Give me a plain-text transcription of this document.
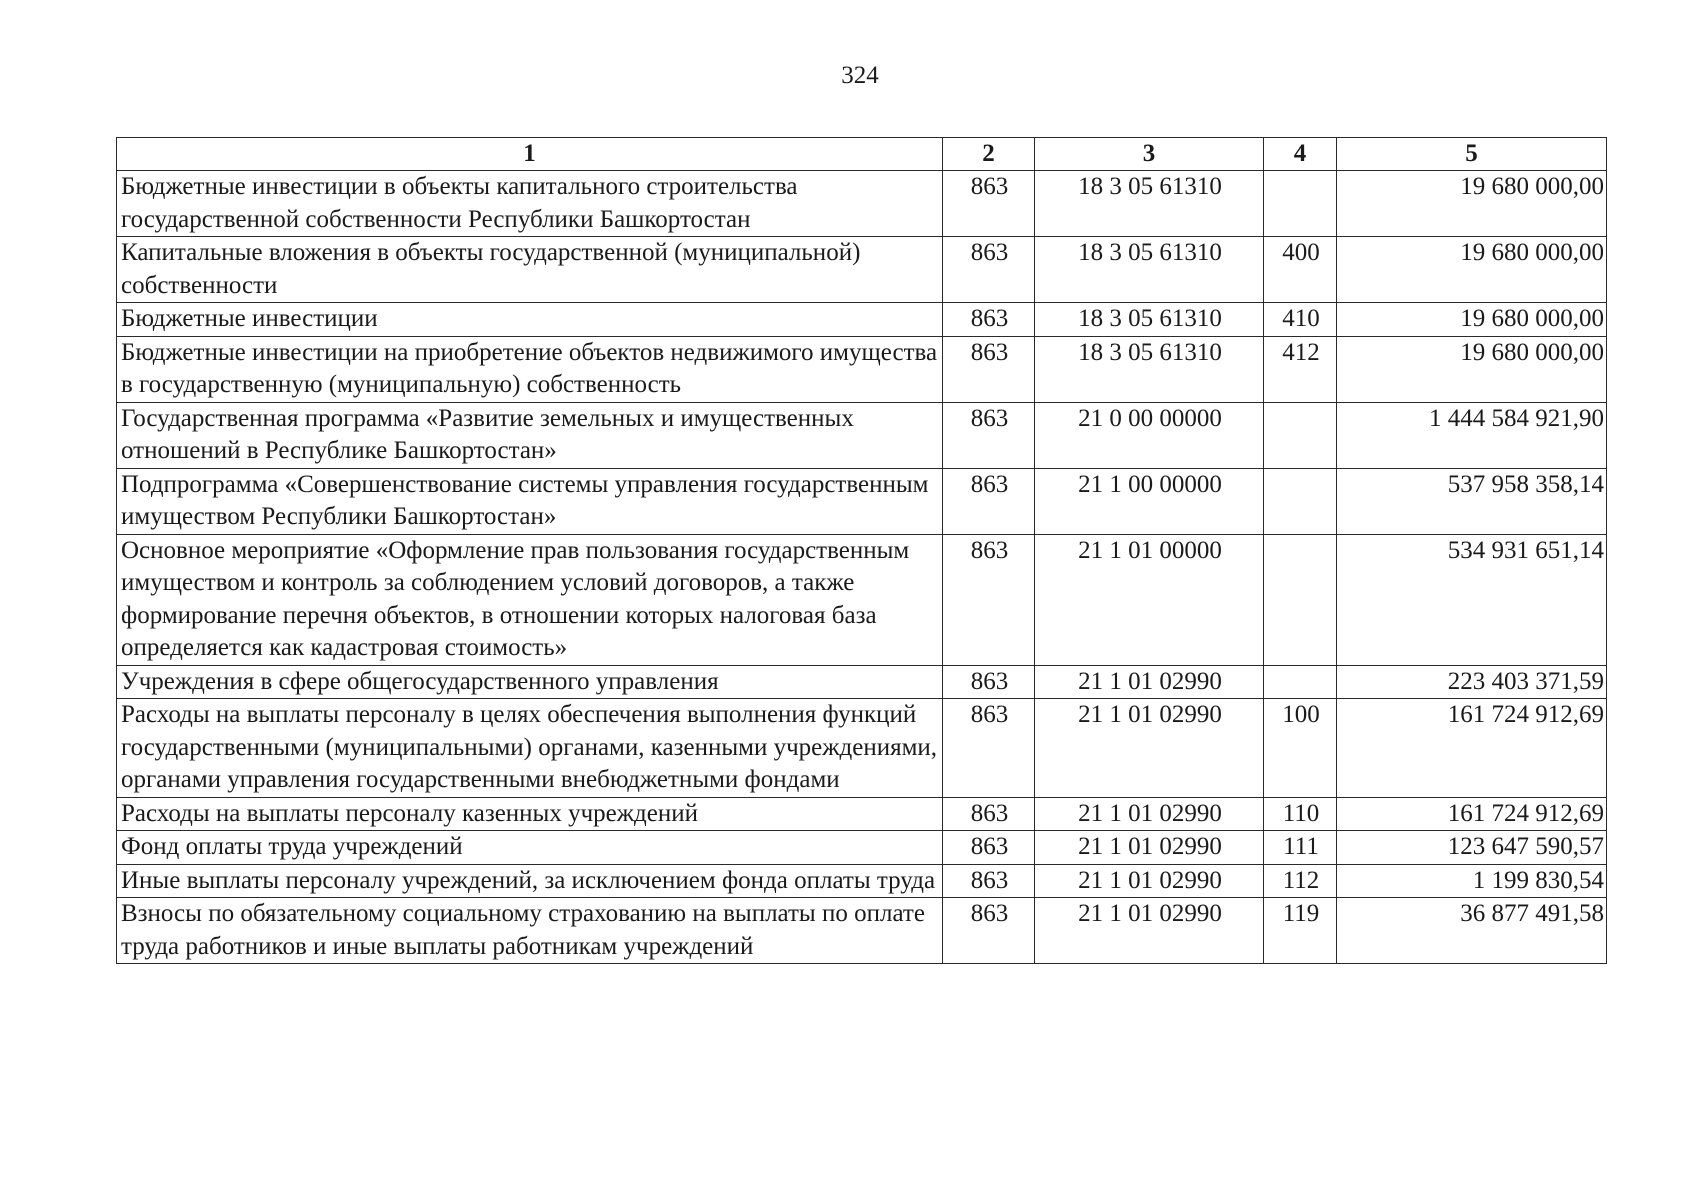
324
1	2	3	4	5
Бюджетные инвестиции в объекты капитального строительства государственной собственности Республики Башкортостан	863	18 3 05 61310		19 680 000,00
Капитальные вложения в объекты государственной (муниципальной) собственности	863	18 3 05 61310	400	19 680 000,00
Бюджетные инвестиции	863	18 3 05 61310	410	19 680 000,00
Бюджетные инвестиции на приобретение объектов недвижимого имущества в государственную (муниципальную) собственность	863	18 3 05 61310	412	19 680 000,00
Государственная программа «Развитие земельных и имущественных отношений в Республике Башкортостан»	863	21 0 00 00000		1 444 584 921,90
Подпрограмма «Совершенствование системы управления государственным имуществом Республики Башкортостан»	863	21 1 00 00000		537 958 358,14
Основное мероприятие «Оформление прав пользования государственным имуществом и контроль за соблюдением условий договоров, а также формирование перечня объектов, в отношении которых налоговая база определяется как кадастровая стоимость»	863	21 1 01 00000		534 931 651,14
Учреждения в сфере общегосударственного управления	863	21 1 01 02990		223 403 371,59
Расходы на выплаты персоналу в целях обеспечения выполнения функций государственными (муниципальными) органами, казенными учреждениями, органами управления государственными внебюджетными фондами	863	21 1 01 02990	100	161 724 912,69
Расходы на выплаты персоналу казенных учреждений	863	21 1 01 02990	110	161 724 912,69
Фонд оплаты труда учреждений	863	21 1 01 02990	111	123 647 590,57
Иные выплаты персоналу учреждений, за исключением фонда оплаты труда	863	21 1 01 02990	112	1 199 830,54
Взносы по обязательному социальному страхованию на выплаты по оплате труда работников и иные выплаты работникам учреждений	863	21 1 01 02990	119	36 877 491,58
